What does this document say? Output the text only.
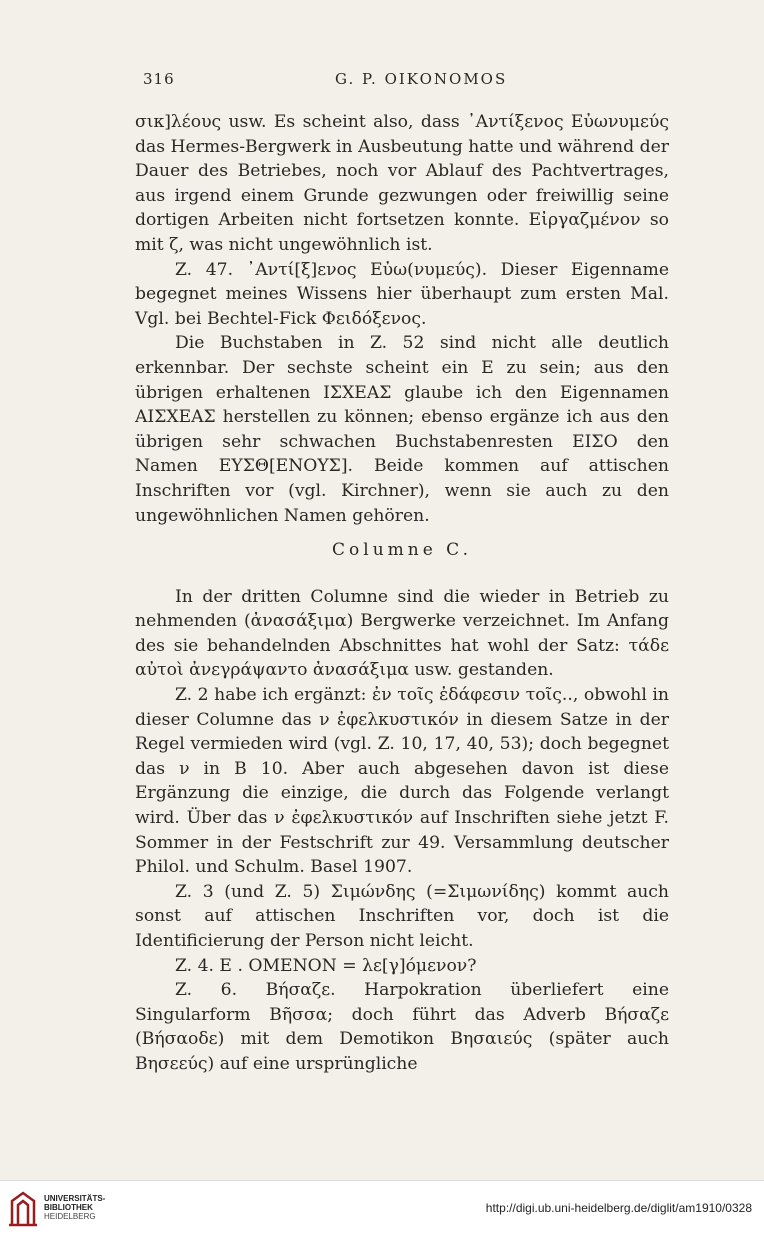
316	G. P. OIKONOMOS

σικ]λέους usw. Es scheint also, dass ᾿Αντίξενος Εὐωνυμεύς das Hermes-Bergwerk in Ausbeutung hatte und während der Dauer des Betriebes, noch vor Ablauf des Pachtvertrages, aus irgend einem Grunde gezwungen oder freiwillig seine dortigen Arbeiten nicht fortsetzen konnte. Εἰργαζμένον so mit ζ, was nicht ungewöhnlich ist.

Z. 47. ᾿Αντί[ξ]ενος Εὐω(νυμεύς). Dieser Eigenname begegnet meines Wissens hier überhaupt zum ersten Mal. Vgl. bei Bechtel-Fick Φειδόξενος.

Die Buchstaben in Z. 52 sind nicht alle deutlich erkennbar. Der sechste scheint ein E zu sein; aus den übrigen erhaltenen ΙΣΧΕΑΣ glaube ich den Eigennamen ΑΙΣΧΕΑΣ herstellen zu können; ebenso ergänze ich aus den übrigen sehr schwachen Buchstabenresten ΕΙΣΟ den Namen ΕΥΣΘ[ΕΝΟΥΣ]. Beide kommen auf attischen Inschriften vor (vgl. Kirchner), wenn sie auch zu den ungewöhnlichen Namen gehören.

Columne C.

In der dritten Columne sind die wieder in Betrieb zu nehmenden (ἀνασάξιμα) Bergwerke verzeichnet. Im Anfang des sie behandelnden Abschnittes hat wohl der Satz: τάδε αὐτοὶ ἀνεγράψαντο ἀνασάξιμα usw. gestanden.

Z. 2 habe ich ergänzt: ἐν τοῖς ἐδάφεσιν τοῖς.., obwohl in dieser Columne das ν ἐφελκυστικόν in diesem Satze in der Regel vermieden wird (vgl. Z. 10, 17, 40, 53); doch begegnet das ν in B 10. Aber auch abgesehen davon ist diese Ergänzung die einzige, die durch das Folgende verlangt wird. Über das ν ἐφελκυστικόν auf Inschriften siehe jetzt F. Sommer in der Festschrift zur 49. Versammlung deutscher Philol. und Schulm. Basel 1907.

Z. 3 (und Z. 5) Σιμώνδης (=Σιμωνίδης) kommt auch sonst auf attischen Inschriften vor, doch ist die Identificierung der Person nicht leicht.

Z. 4. Ε . ΟΜΕΝΟΝ = λε[γ]όμενον?

Z. 6. Βήσαζε. Harpokration überliefert eine Singularform Βῆσσα; doch führt das Adverb Βήσαζε (Βήσαοδε) mit dem Demotikon Βησαιεύς (später auch Βησεεύς) auf eine ursprüngliche

UNIVERSITÄTS-
BIBLIOTHEK
HEIDELBERG
http://digi.ub.uni-heidelberg.de/diglit/am1910/0328
